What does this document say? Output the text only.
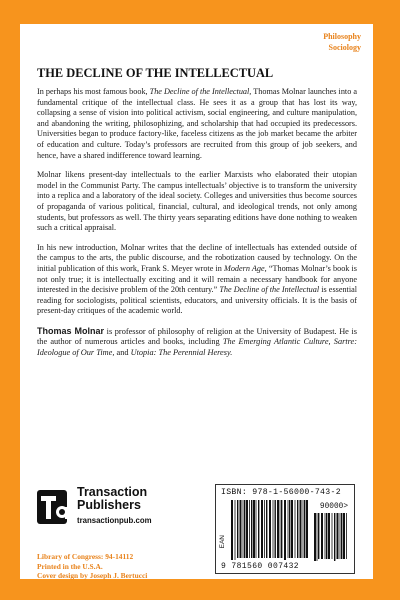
Philosophy
Sociology
THE DECLINE OF THE INTELLECTUAL

In perhaps his most famous book, The Decline of the Intellectual, Thomas Molnar launches into a fundamental critique of the intellectual class. He sees it as a group that has lost its way, collapsing a sense of vision into political activism, social engineering, and culture manipulation, and abandoning the writing, philosophizing, and scholarship that had occupied its predecessors. Universities began to produce factory-like, faceless citizens as the job market became the arbiter of education and culture. Today’s professors are recruited from this group of job seekers, and hence, have a shared indifference toward learning.

Molnar likens present-day intellectuals to the earlier Marxists who elaborated their utopian model in the Communist Party. The campus intellectuals’ objective is to transform the university into a replica and a laboratory of the ideal society. Colleges and universities thus become sources of propaganda of various political, financial, cultural, and ideological trends, not only among students, but professors as well. The thirty years separating editions have done nothing to weaken such a critical appraisal.

In his new introduction, Molnar writes that the decline of intellectuals has extended outside of the campus to the arts, the public discourse, and the robotization caused by technology. On the initial publication of this work, Frank S. Meyer wrote in Modern Age, “Thomas Molnar’s book is not only true; it is intellectually exciting and it will remain a necessary handbook for anyone interested in the decisive problem of the 20th century.” The Decline of the Intellectual is essential reading for sociologists, political scientists, educators, and university officials. It is the basis of present-day critiques of the academic world.

Thomas Molnar is professor of philosophy of religion at the University of Budapest. He is the author of numerous articles and books, including The Emerging Atlantic Culture, Sartre: Ideologue of Our Time, and Utopia: The Perennial Heresy.

Transaction
Publishers
transactionpub.com
Library of Congress: 94-14112
Printed in the U.S.A.
Cover design by Joseph J. Bertucci
ISBN: 978-1-56000-743-2
EAN
90000>
9 781560 007432
